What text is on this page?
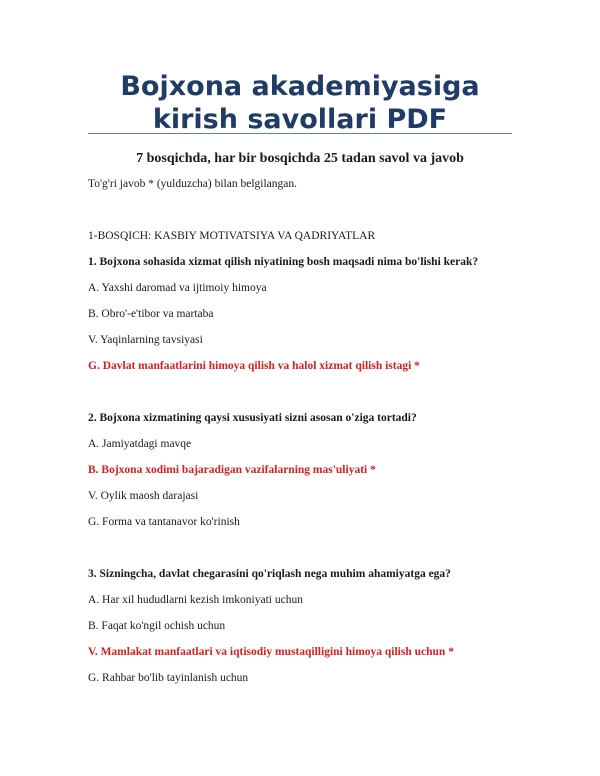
Bojxona akademiyasiga
kirish savollari PDF
7 bosqichda, har bir bosqichda 25 tadan savol va javob
To'g'ri javob * (yulduzcha) bilan belgilangan.
1-BOSQICH: KASBIY MOTIVATSIYA VA QADRIYATLAR
1. Bojxona sohasida xizmat qilish niyatining bosh maqsadi nima bo'lishi kerak?
A. Yaxshi daromad va ijtimoiy himoya
B. Obro'-e'tibor va martaba
V. Yaqinlarning tavsiyasi
G. Davlat manfaatlarini himoya qilish va halol xizmat qilish istagi *
2. Bojxona xizmatining qaysi xususiyati sizni asosan o'ziga tortadi?
A. Jamiyatdagi mavqe
B. Bojxona xodimi bajaradigan vazifalarning mas'uliyati *
V. Oylik maosh darajasi
G. Forma va tantanavor ko'rinish
3. Sizningcha, davlat chegarasini qo'riqlash nega muhim ahamiyatga ega?
A. Har xil hududlarni kezish imkoniyati uchun
B. Faqat ko'ngil ochish uchun
V. Mamlakat manfaatlari va iqtisodiy mustaqilligini himoya qilish uchun *
G. Rahbar bo'lib tayinlanish uchun
